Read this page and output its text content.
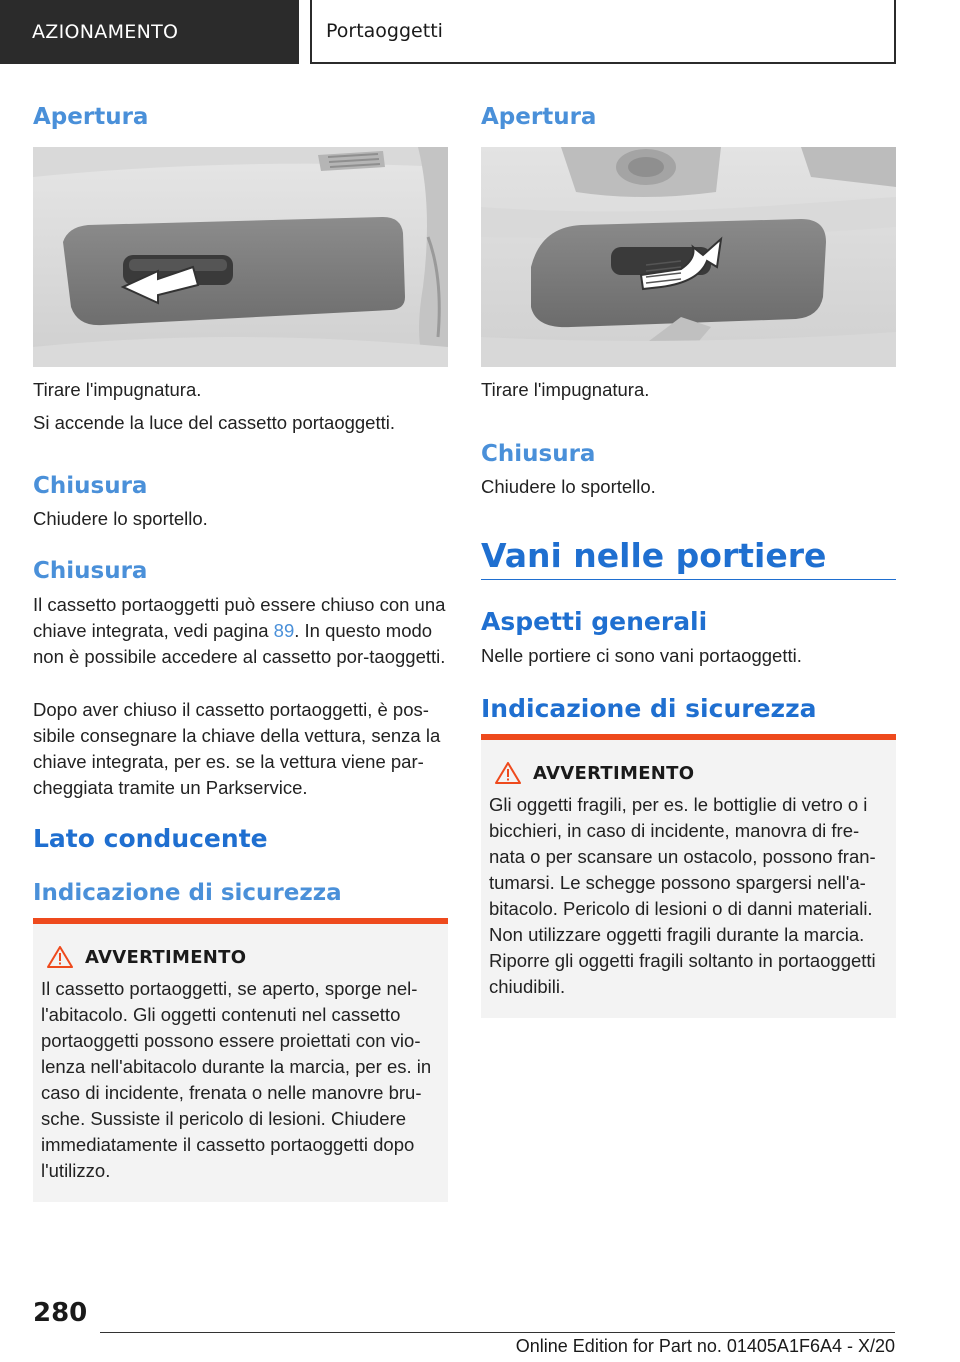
AZIONAMENTO	Portaoggetti
Apertura

Tirare l'impugnatura.

Si accende la luce del cassetto portaoggetti.

Chiusura

Chiudere lo sportello.

Chiusura

Il cassetto portaoggetti può essere chiuso con una chiave integrata, vedi pagina 89. In questo modo non è possibile accedere al cassetto por‐taoggetti.

Dopo aver chiuso il cassetto portaoggetti, è pos‐sibile consegnare la chiave della vettura, senza la chiave integrata, per es. se la vettura viene par‐cheggiata tramite un Parkservice.

Lato conducente
Indicazione di sicurezza
AVVERTIMENTO
Il cassetto portaoggetti, se aperto, sporge nel‐l'abitacolo. Gli oggetti contenuti nel cassetto portaoggetti possono essere proiettati con vio‐lenza nell'abitacolo durante la marcia, per es. in caso di incidente, frenata o nelle manovre bru‐sche. Sussiste il pericolo di lesioni. Chiudere immediatamente il cassetto portaoggetti dopo l'utilizzo.
Apertura

Tirare l'impugnatura.

Chiusura

Chiudere lo sportello.

Vani nelle portiere
Aspetti generali

Nelle portiere ci sono vani portaoggetti.

Indicazione di sicurezza
AVVERTIMENTO
Gli oggetti fragili, per es. le bottiglie di vetro o i bicchieri, in caso di incidente, manovra di fre‐nata o per scansare un ostacolo, possono fran‐tumarsi. Le schegge possono spargersi nell'a‐bitacolo. Pericolo di lesioni o di danni materiali. Non utilizzare oggetti fragili durante la marcia. Riporre gli oggetti fragili soltanto in portaoggetti chiudibili.
280
Online Edition for Part no. 01405A1F6A4 - X/20
